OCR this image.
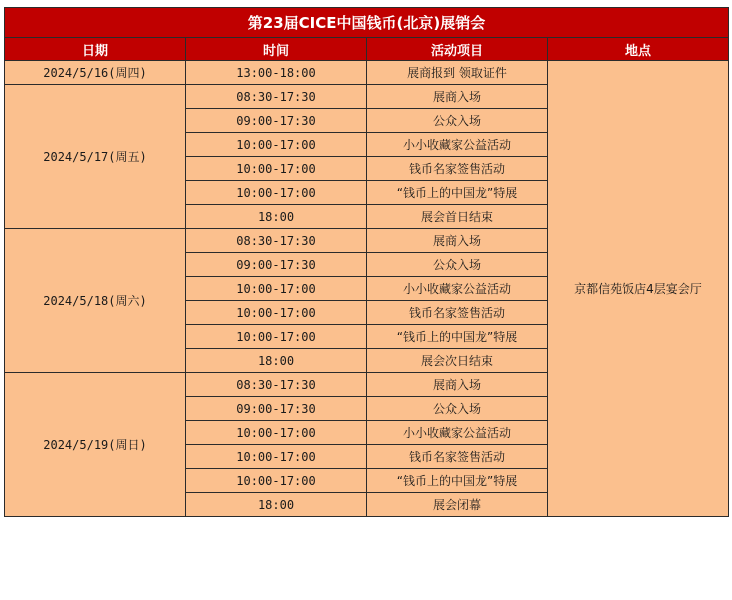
第23届CICE中国钱币(北京)展销会			
日期	时间	活动项目	地点
2024/5/16(周四)	13:00-18:00	展商报到 领取证件	京都信苑饭店4层宴会厅
2024/5/17(周五)	08:30-17:30	展商入场	
	09:00-17:30	公众入场	
	10:00-17:00	小小收藏家公益活动	
	10:00-17:00	钱币名家签售活动	
	10:00-17:00	“钱币上的中国龙”特展	
	18:00	展会首日结束	
2024/5/18(周六)	08:30-17:30	展商入场	
	09:00-17:30	公众入场	
	10:00-17:00	小小收藏家公益活动	
	10:00-17:00	钱币名家签售活动	
	10:00-17:00	“钱币上的中国龙”特展	
	18:00	展会次日结束	
2024/5/19(周日)	08:30-17:30	展商入场	
	09:00-17:30	公众入场	
	10:00-17:00	小小收藏家公益活动	
	10:00-17:00	钱币名家签售活动	
	10:00-17:00	“钱币上的中国龙”特展	
	18:00	展会闭幕	
